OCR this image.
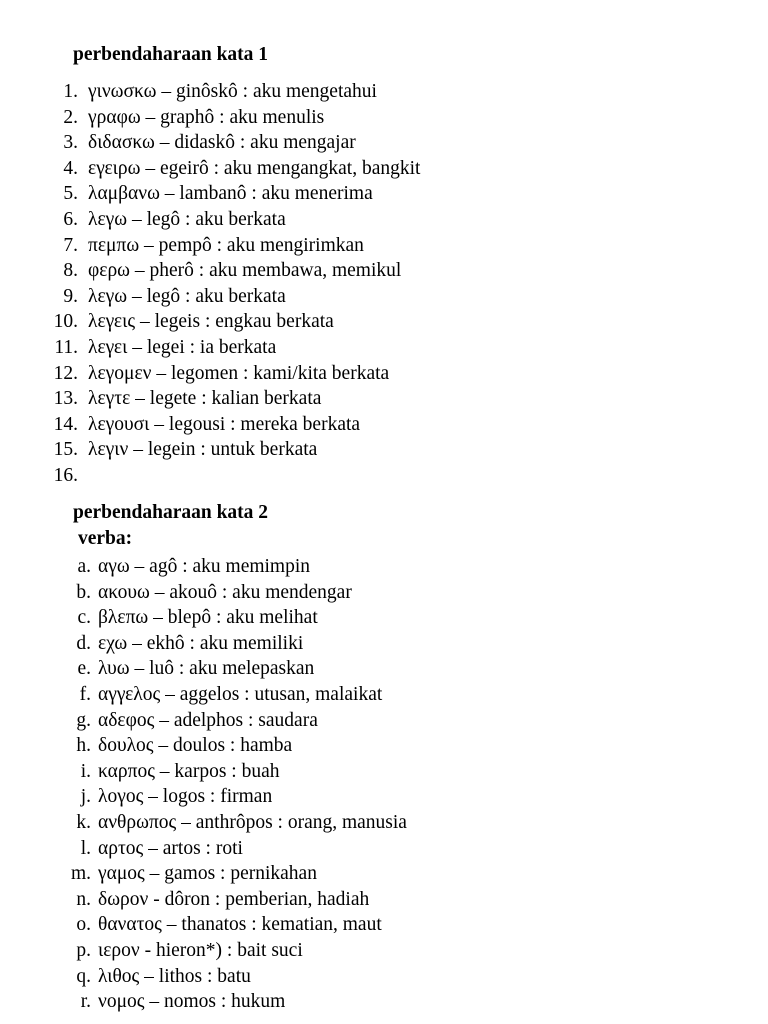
perbendaharaan kata 1
1. γινωσκω – ginôskô : aku mengetahui
2. γραφω – graphô : aku menulis
3. διδασκω – didaskô : aku mengajar
4. εγειρω – egeirô : aku mengangkat, bangkit
5. λαμβανω – lambanô : aku menerima
6. λεγω – legô : aku berkata
7. πεμπω – pempô : aku mengirimkan
8. φερω – pherô : aku membawa, memikul
9. λεγω – legô : aku berkata
10. λεγεις – legeis : engkau berkata
11. λεγει – legei : ia berkata
12. λεγομεν – legomen : kami/kita berkata
13. λεγτε – legete : kalian berkata
14. λεγουσι – legousi : mereka berkata
15. λεγιν – legein : untuk berkata
16.
perbendaharaan kata 2
verba:
a. αγω – agô : aku memimpin
b. ακουω – akouô : aku mendengar
c. βλεπω – blepô : aku melihat
d. εχω – ekhô : aku memiliki
e. λυω – luô : aku melepaskan
f. αγγελος – aggelos : utusan, malaikat
g. αδεφος – adelphos : saudara
h. δουλος – doulos : hamba
i. καρπος – karpos : buah
j. λογος – logos : firman
k. ανθρωπος – anthrôpos : orang, manusia
l. αρτος – artos : roti
m. γαμος – gamos : pernikahan
n. δωρον - dôron : pemberian, hadiah
o. θανατος – thanatos : kematian, maut
p. ιερον - hieron*) : bait suci
q. λιθος – lithos : batu
r. νομος – nomos : hukum
